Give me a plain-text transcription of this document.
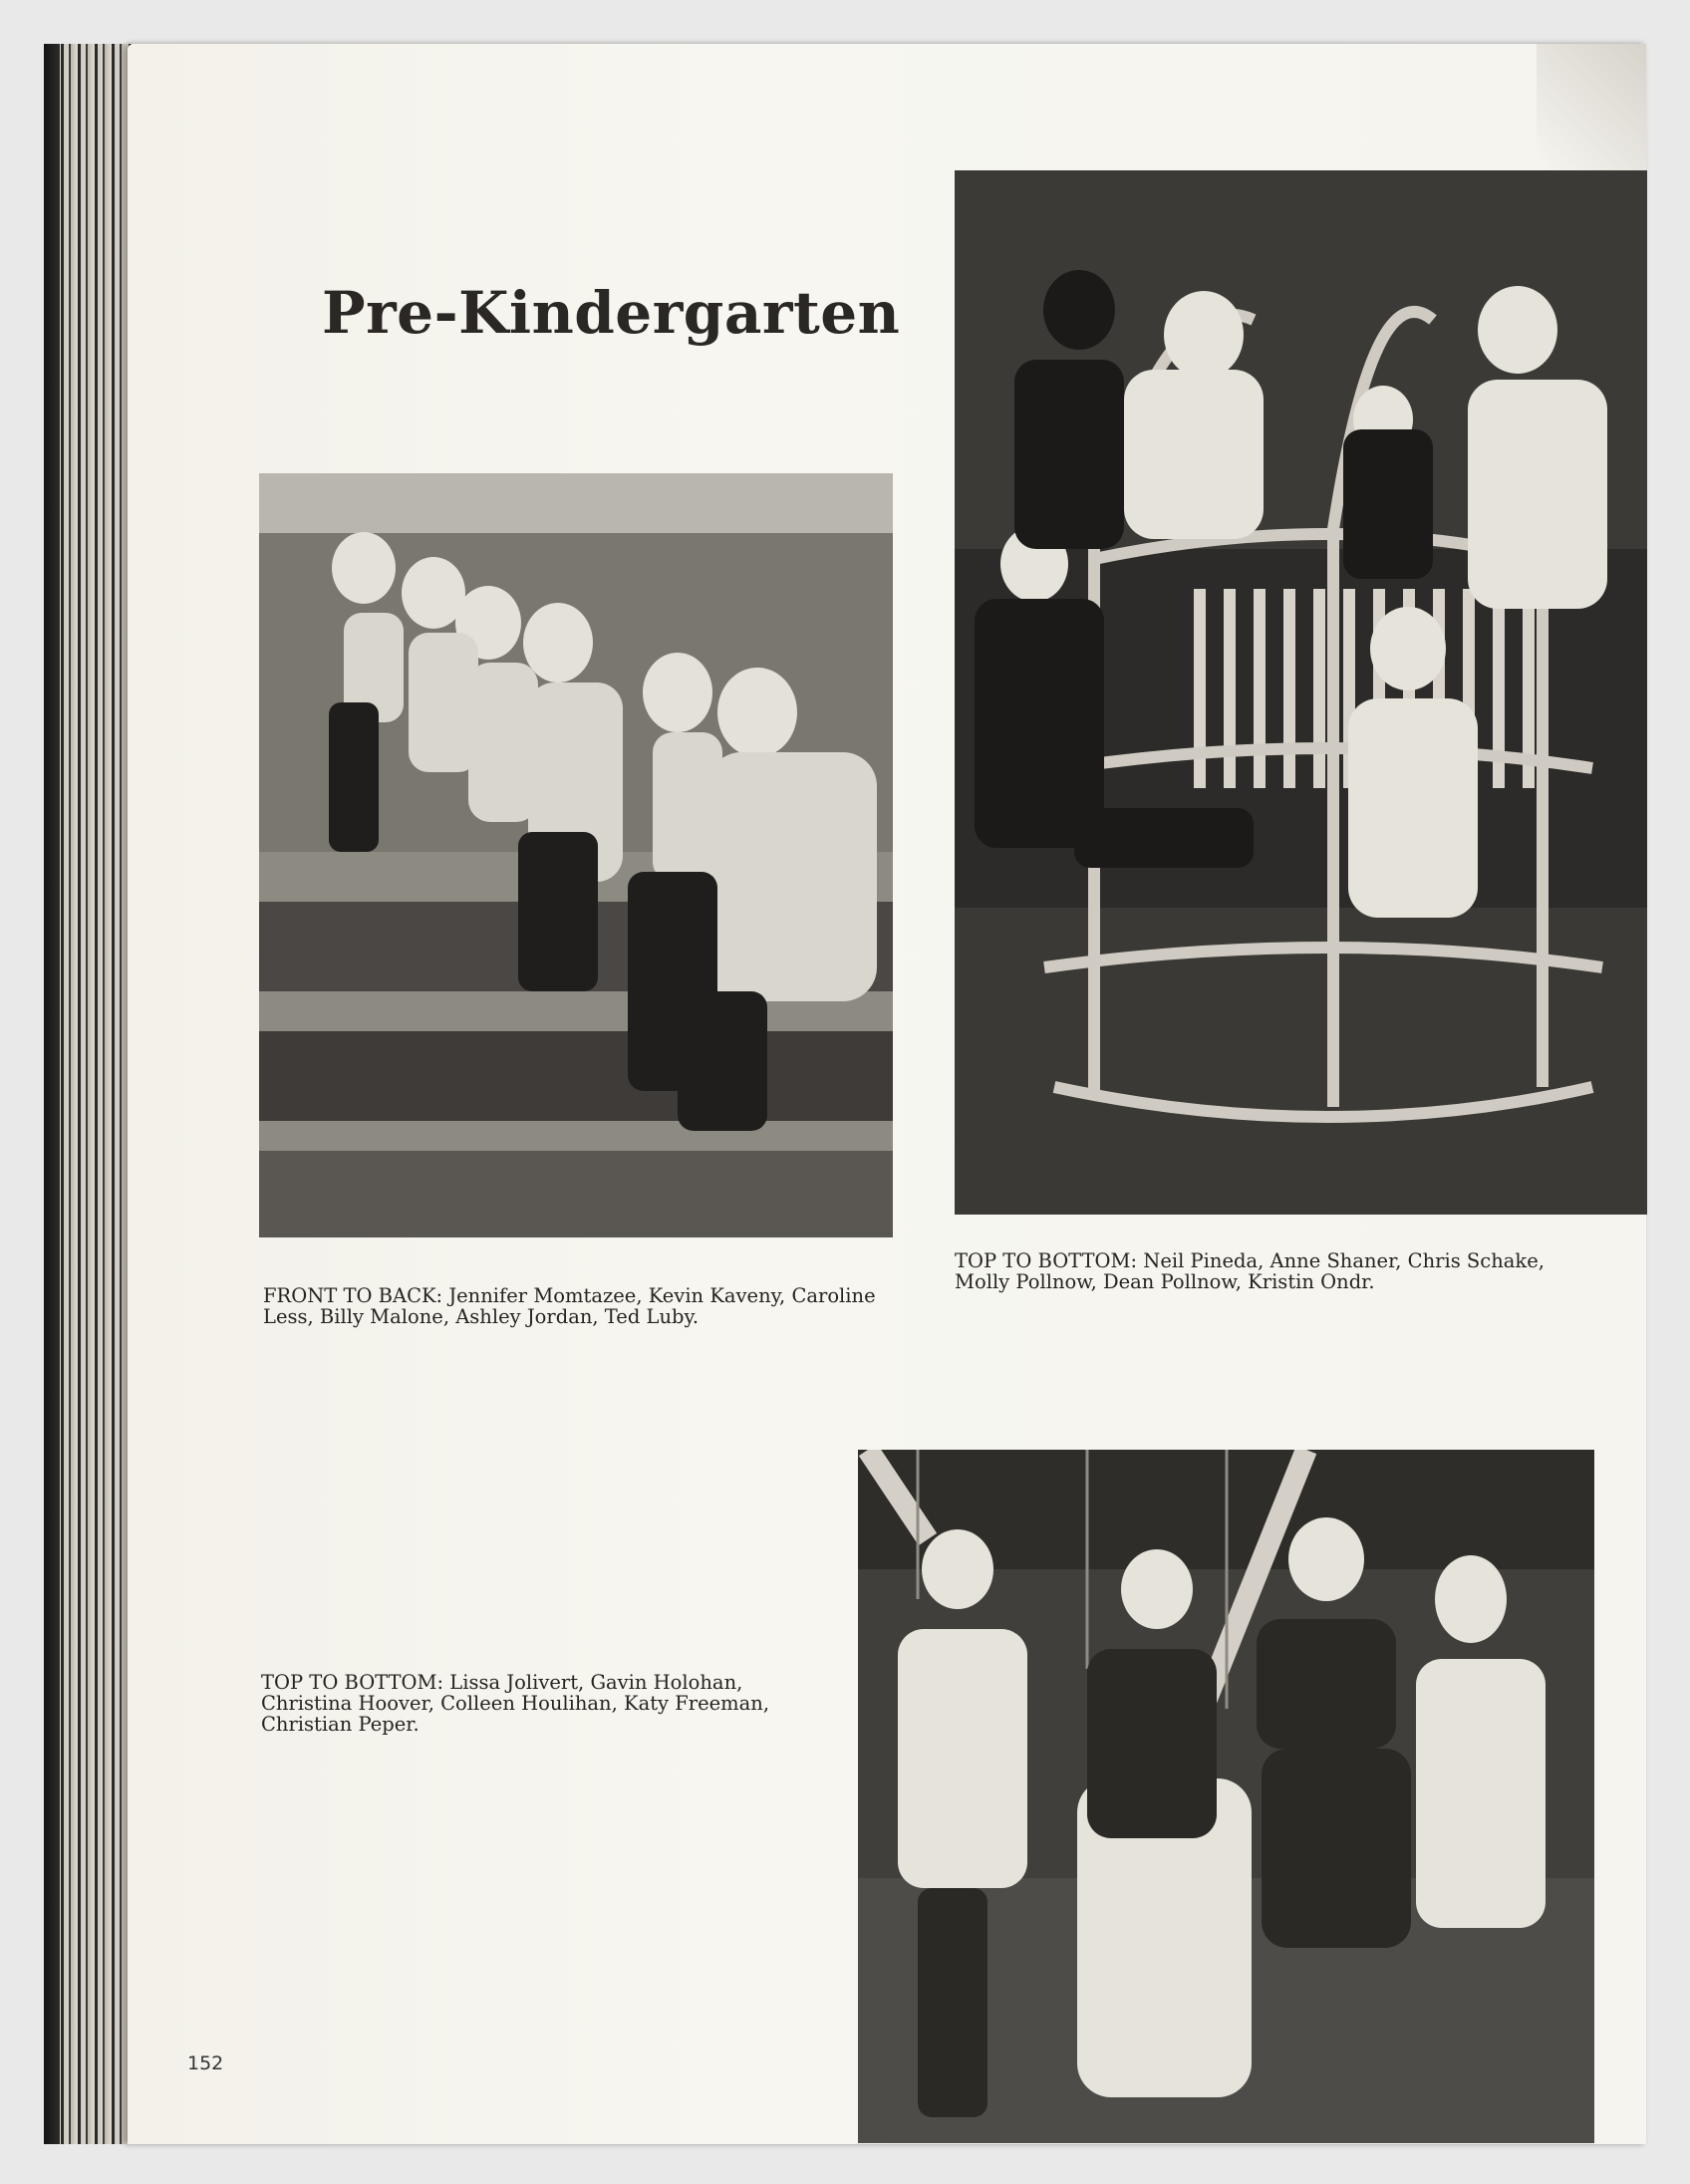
Pre-Kindergarten

FRONT TO BACK: Jennifer Momtazee, Kevin Kaveny, Caroline Less, Billy Malone, Ashley Jordan, Ted Luby.

TOP TO BOTTOM: Neil Pineda, Anne Shaner, Chris Schake, Molly Pollnow, Dean Pollnow, Kristin Ondr.

TOP TO BOTTOM: Lissa Jolivert, Gavin Holohan, Christina Hoover, Colleen Houlihan, Katy Freeman, Christian Peper.

152
